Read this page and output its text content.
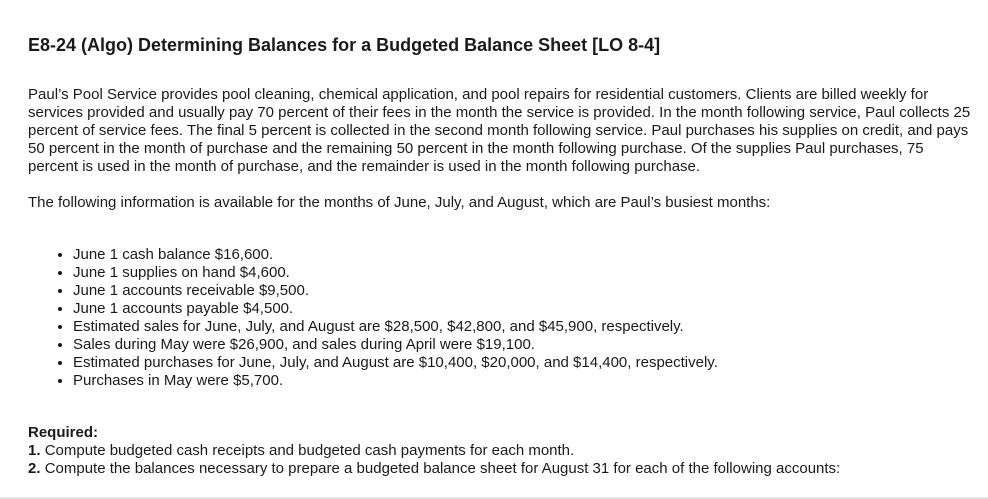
E8-24 (Algo) Determining Balances for a Budgeted Balance Sheet [LO 8-4]

Paul’s Pool Service provides pool cleaning, chemical application, and pool repairs for residential customers. Clients are billed weekly for services provided and usually pay 70 percent of their fees in the month the service is provided. In the month following service, Paul collects 25 percent of service fees. The final 5 percent is collected in the second month following service. Paul purchases his supplies on credit, and pays 50 percent in the month of purchase and the remaining 50 percent in the month following purchase. Of the supplies Paul purchases, 75 percent is used in the month of purchase, and the remainder is used in the month following purchase.

The following information is available for the months of June, July, and August, which are Paul’s busiest months:

• June 1 cash balance $16,600.
• June 1 supplies on hand $4,600.
• June 1 accounts receivable $9,500.
• June 1 accounts payable $4,500.
• Estimated sales for June, July, and August are $28,500, $42,800, and $45,900, respectively.
• Sales during May were $26,900, and sales during April were $19,100.
• Estimated purchases for June, July, and August are $10,400, $20,000, and $14,400, respectively.
• Purchases in May were $5,700.
Required:
1. Compute budgeted cash receipts and budgeted cash payments for each month.
2. Compute the balances necessary to prepare a budgeted balance sheet for August 31 for each of the following accounts:
